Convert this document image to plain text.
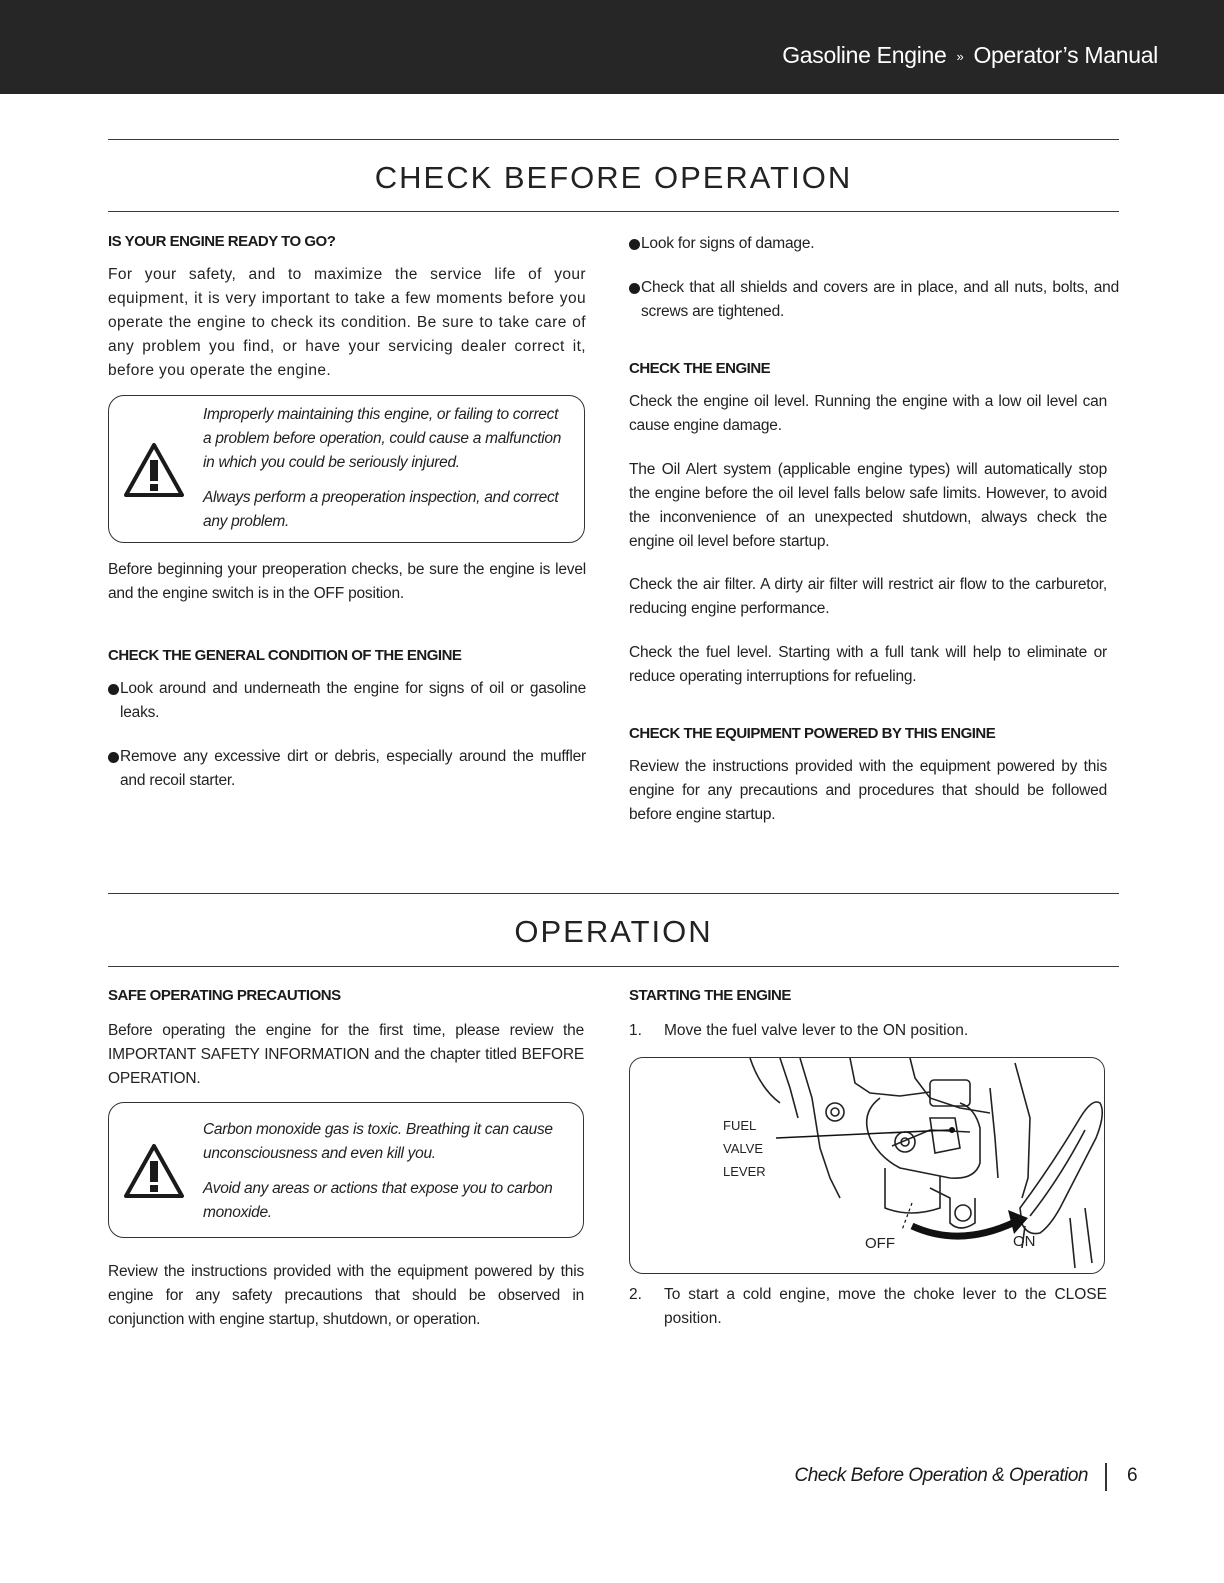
Gasoline Engine » Operator’s Manual
CHECK BEFORE OPERATION
IS YOUR ENGINE READY TO GO?
For your safety, and to maximize the service life of your equipment, it is very important to take a few moments before you operate the engine to check its condition. Be sure to take care of any problem you find, or have your servicing dealer correct it, before you operate the engine.
Improperly maintaining this engine, or failing to correct a problem before operation, could cause a malfunction in which you could be seriously injured.
Always perform a preoperation inspection, and correct any problem.
Before beginning your preoperation checks, be sure the engine is level and the engine switch is in the OFF position.
CHECK THE GENERAL CONDITION OF THE ENGINE
Look around and underneath the engine for signs of oil or gasoline leaks.
Remove any excessive dirt or debris, especially around the muffler and recoil starter.
Look for signs of damage.
Check that all shields and covers are in place, and all nuts, bolts, and screws are tightened.
CHECK THE ENGINE
Check the engine oil level. Running the engine with a low oil level can cause engine damage.
The Oil Alert system (applicable engine types) will automatically stop the engine before the oil level falls below safe limits. However, to avoid the inconvenience of an unexpected shutdown, always check the engine oil level before startup.
Check the air filter. A dirty air filter will restrict air flow to the carburetor, reducing engine performance.
Check the fuel level. Starting with a full tank will help to eliminate or reduce operating interruptions for refueling.
CHECK THE EQUIPMENT POWERED BY THIS ENGINE
Review the instructions provided with the equipment powered by this engine for any precautions and procedures that should be followed before engine startup.
OPERATION
SAFE OPERATING PRECAUTIONS
Before operating the engine for the first time, please review the IMPORTANT SAFETY INFORMATION and the chapter titled BEFORE OPERATION.
Carbon monoxide gas is toxic. Breathing it can cause unconsciousness and even kill you.
Avoid any areas or actions that expose you to carbon monoxide.
Review the instructions provided with the equipment powered by this engine for any safety precautions that should be observed in conjunction with engine startup, shutdown, or operation.
STARTING THE ENGINE
1. Move the fuel valve lever to the ON position.
FUEL
VALVE
LEVER
OFF	ON
2. To start a cold engine, move the choke lever to the CLOSE position.
Check Before Operation & Operation 6
